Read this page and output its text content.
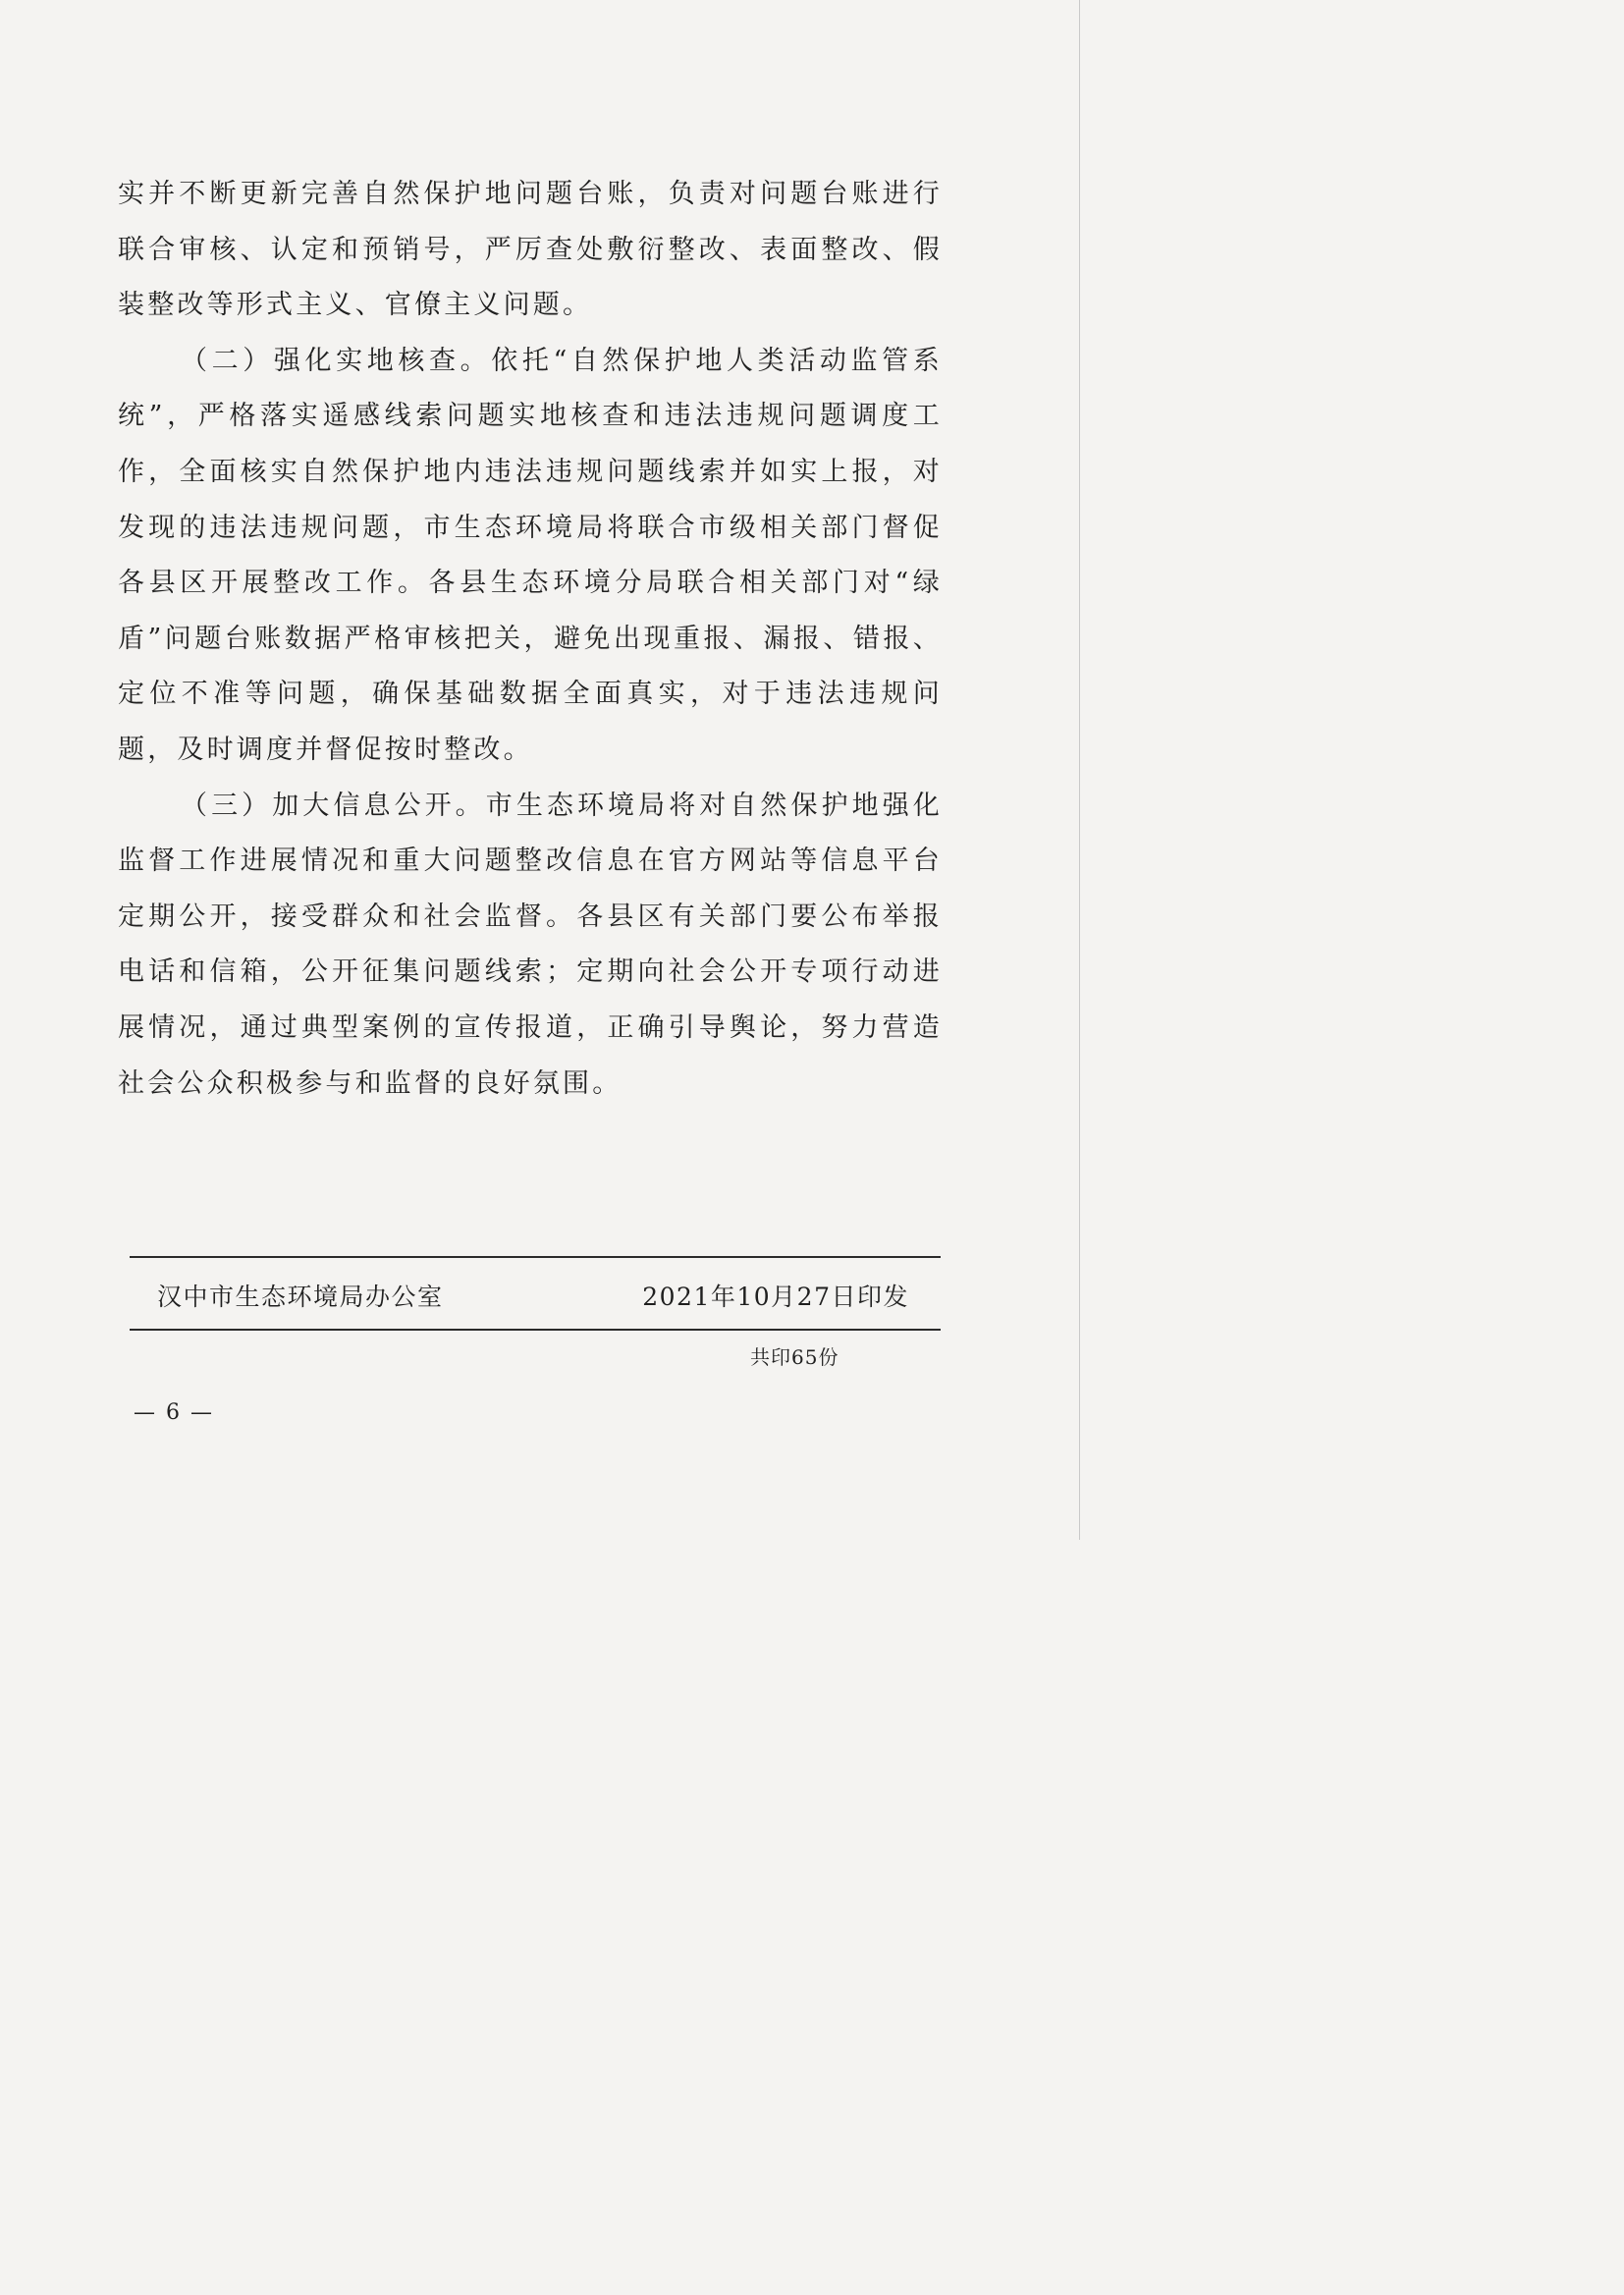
实并不断更新完善自然保护地问题台账，负责对问题台账进行联合审核、认定和预销号，严厉查处敷衍整改、表面整改、假装整改等形式主义、官僚主义问题。

（二）强化实地核查。依托“自然保护地人类活动监管系统”，严格落实遥感线索问题实地核查和违法违规问题调度工作，全面核实自然保护地内违法违规问题线索并如实上报，对发现的违法违规问题，市生态环境局将联合市级相关部门督促各县区开展整改工作。各县生态环境分局联合相关部门对“绿盾”问题台账数据严格审核把关，避免出现重报、漏报、错报、定位不准等问题，确保基础数据全面真实，对于违法违规问题，及时调度并督促按时整改。

（三）加大信息公开。市生态环境局将对自然保护地强化监督工作进展情况和重大问题整改信息在官方网站等信息平台定期公开，接受群众和社会监督。各县区有关部门要公布举报电话和信箱，公开征集问题线索；定期向社会公开专项行动进展情况，通过典型案例的宣传报道，正确引导舆论，努力营造社会公众积极参与和监督的良好氛围。

汉中市生态环境局办公室	2021年10月27日印发
共印65份
— 6 —
